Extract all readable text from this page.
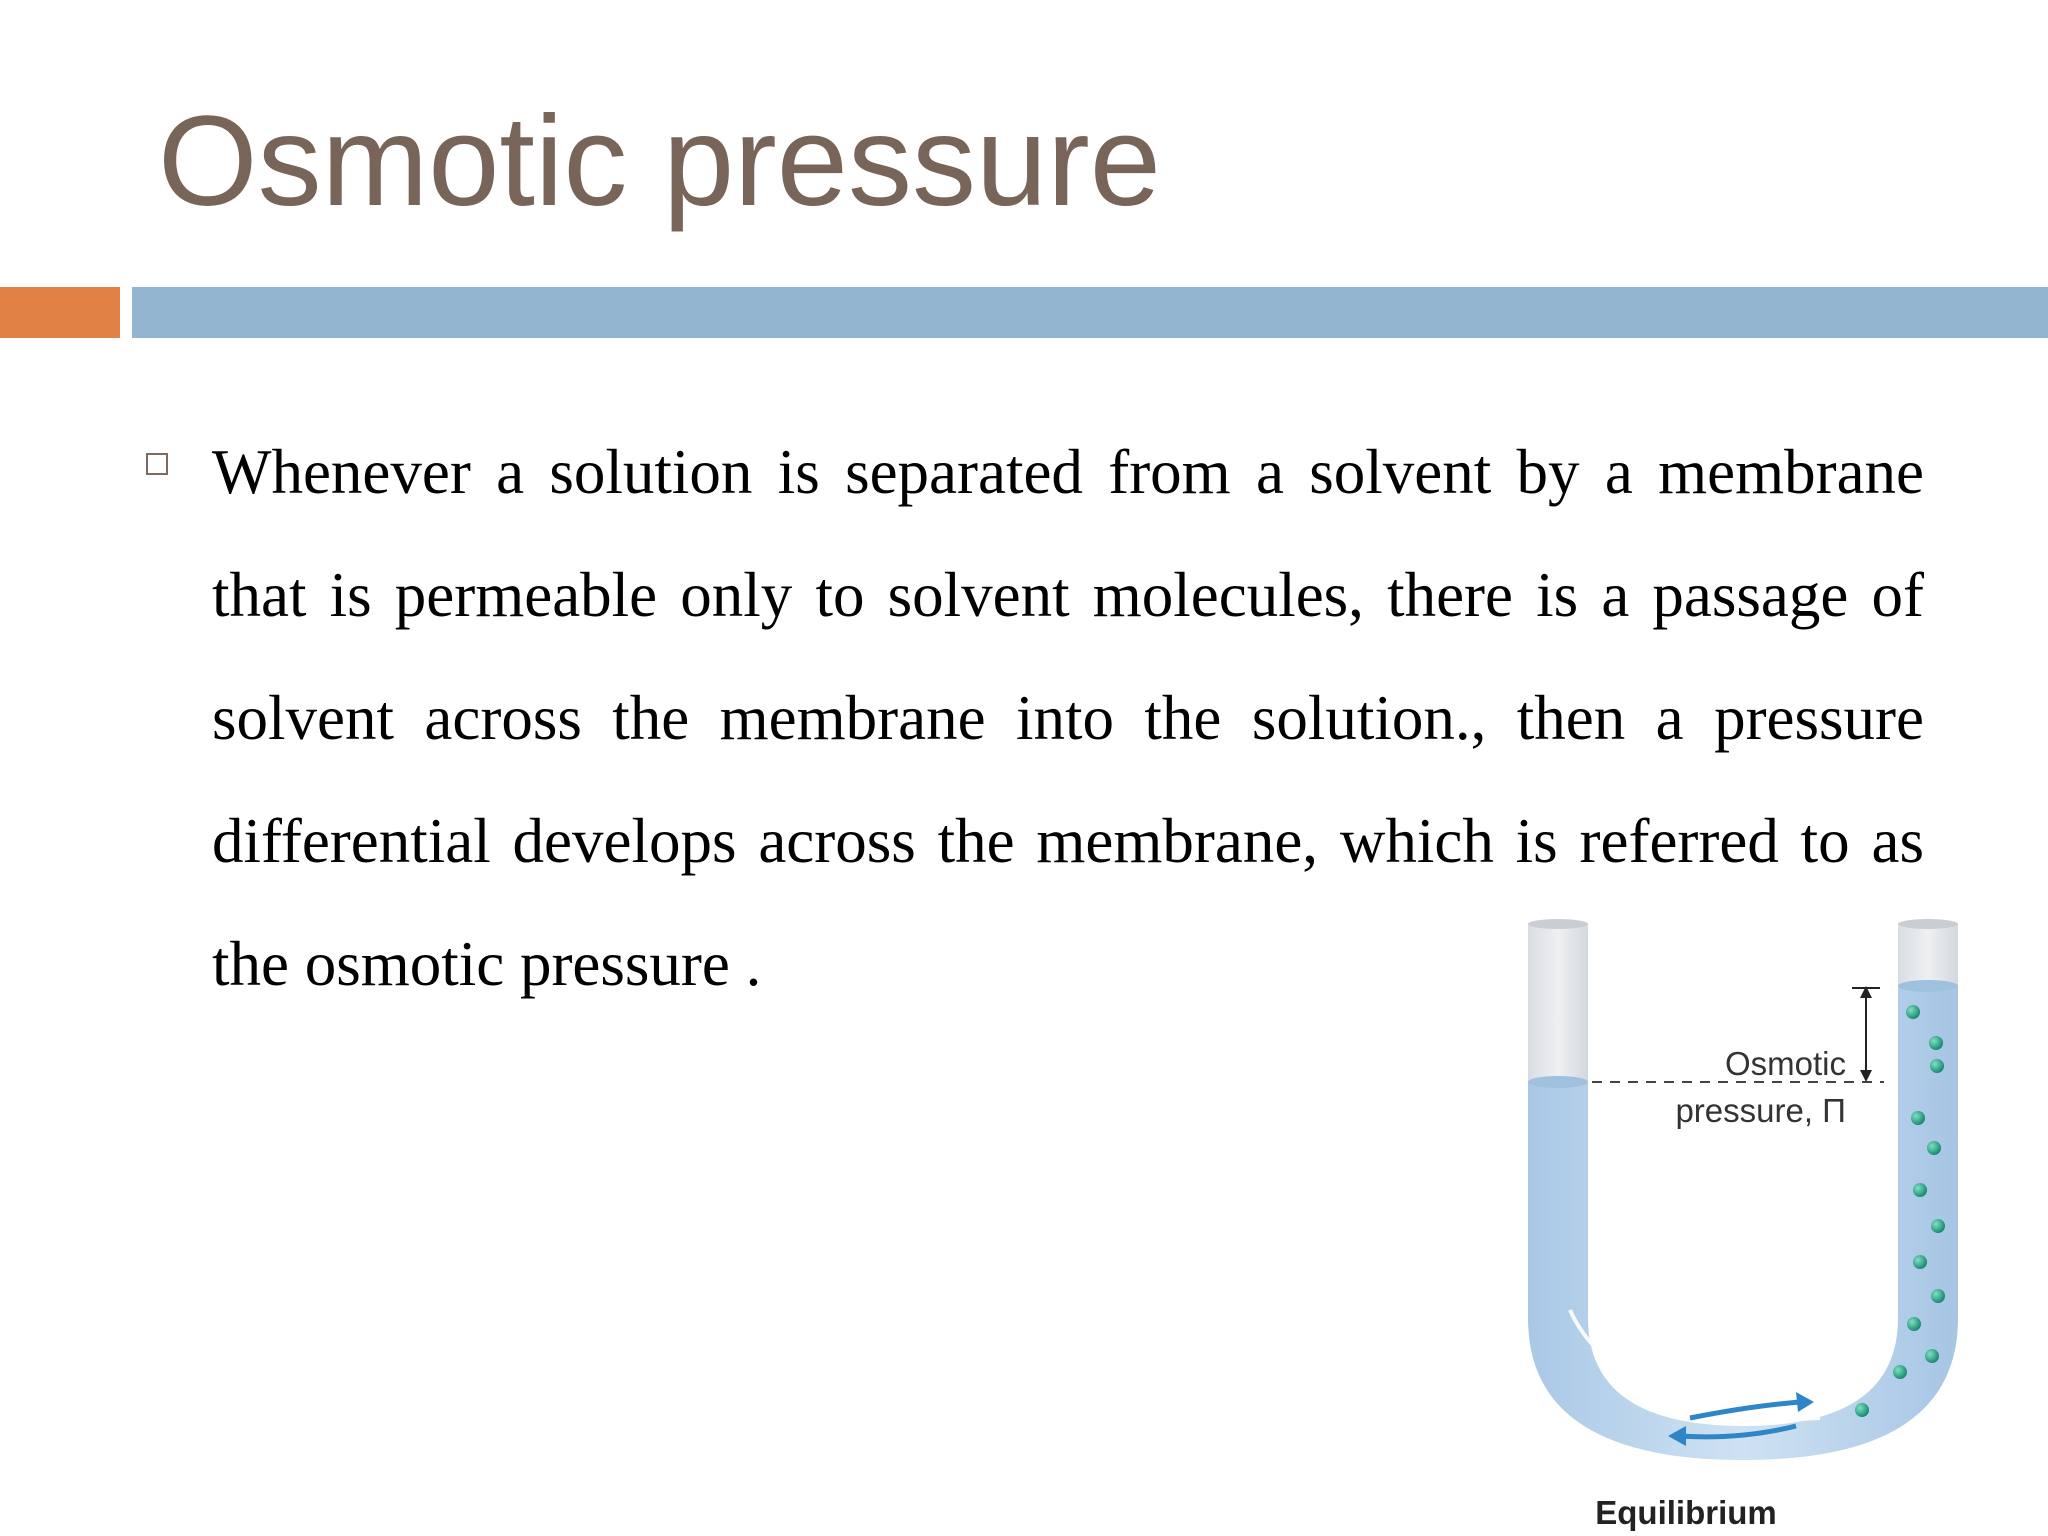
Osmotic pressure
Whenever a solution is separated from a solvent by a membrane that is permeable only to solvent molecules, there is a passage of solvent across the membrane into the solution., then a pressure differential develops across the membrane, which is referred to as the osmotic pressure .
Osmotic
pressure, Π
Equilibrium
